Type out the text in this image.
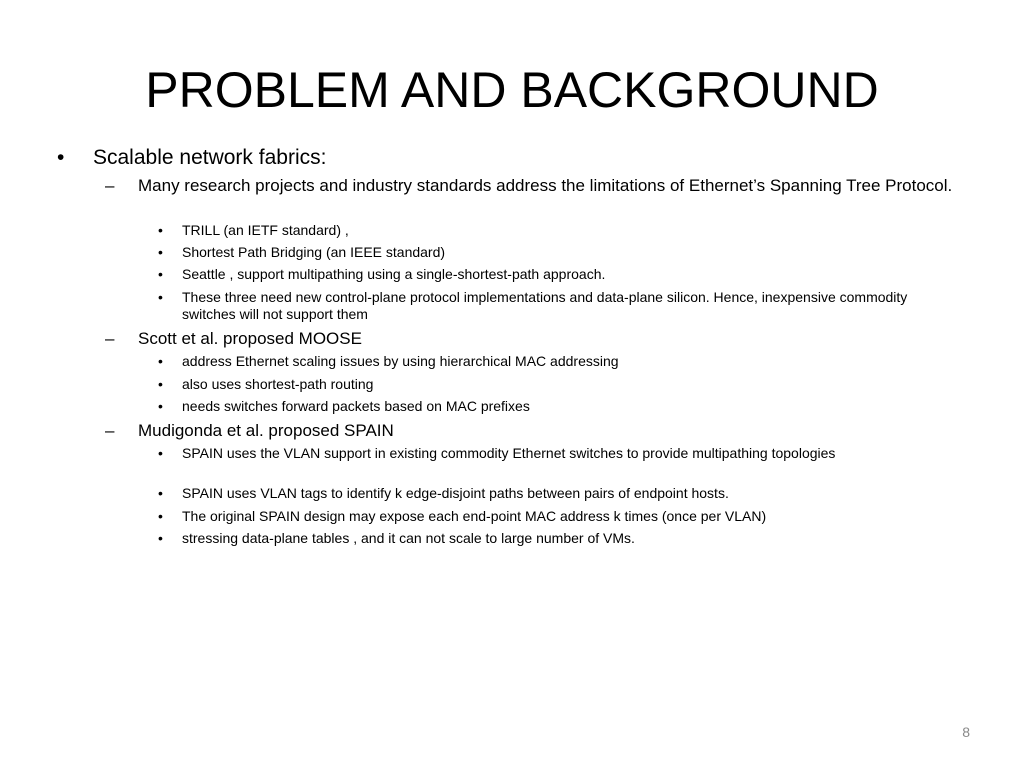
PROBLEM AND BACKGROUND
• Scalable network fabrics:
– Many research projects and industry standards address the limitations of Ethernet’s Spanning Tree Protocol.
• TRILL (an IETF standard) ,
• Shortest Path Bridging (an IEEE standard)
• Seattle , support multipathing using a single-shortest-path approach.
• These three need new control-plane protocol implementations and data-plane silicon. Hence, inexpensive commodity switches will not support them
– Scott et al. proposed MOOSE
• address Ethernet scaling issues by using hierarchical MAC addressing
• also uses shortest-path routing
• needs switches forward packets based on MAC prefixes
– Mudigonda et al. proposed SPAIN
• SPAIN uses the VLAN support in existing commodity Ethernet switches to provide multipathing topologies
• SPAIN uses VLAN tags to identify k edge-disjoint paths between pairs of endpoint hosts.
• The original SPAIN design may expose each end-point MAC address k times (once per VLAN)
• stressing data-plane tables , and it can not scale to large number of VMs.
8
